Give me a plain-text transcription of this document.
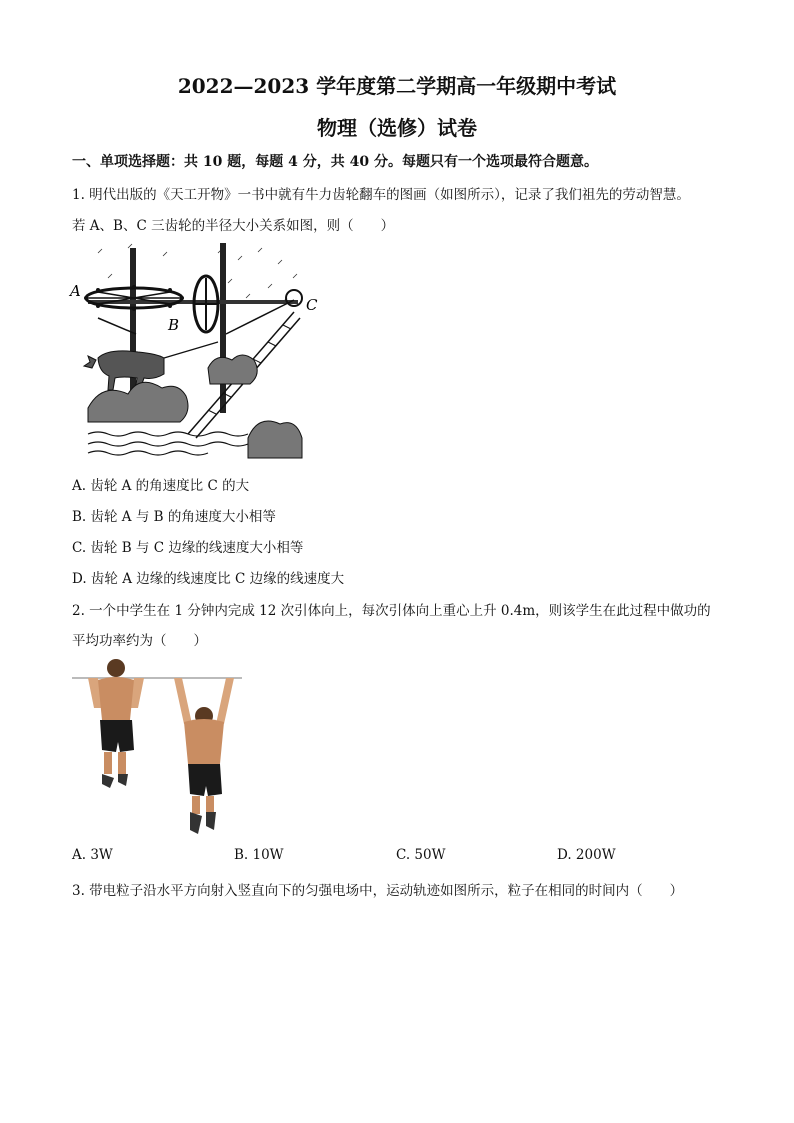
2022—2023 学年度第二学期高一年级期中考试
物理（选修）试卷
一、单项选择题：共 10 题，每题 4 分，共 40 分。每题只有一个选项最符合题意。
1. 明代出版的《天工开物》一书中就有牛力齿轮翻车的图画（如图所示），记录了我们祖先的劳动智慧。
若 A、B、C 三齿轮的半径大小关系如图，则（　　）
A
B
C
A. 齿轮 A 的角速度比 C 的大
B. 齿轮 A 与 B 的角速度大小相等
C. 齿轮 B 与 C 边缘的线速度大小相等
D. 齿轮 A 边缘的线速度比 C 边缘的线速度大
2. 一个中学生在 1 分钟内完成 12 次引体向上，每次引体向上重心上升 0.4m，则该学生在此过程中做功的
平均功率约为（　　）
A. 3W	B. 10W	C. 50W	D. 200W
3. 带电粒子沿水平方向射入竖直向下的匀强电场中，运动轨迹如图所示，粒子在相同的时间内（　　）
